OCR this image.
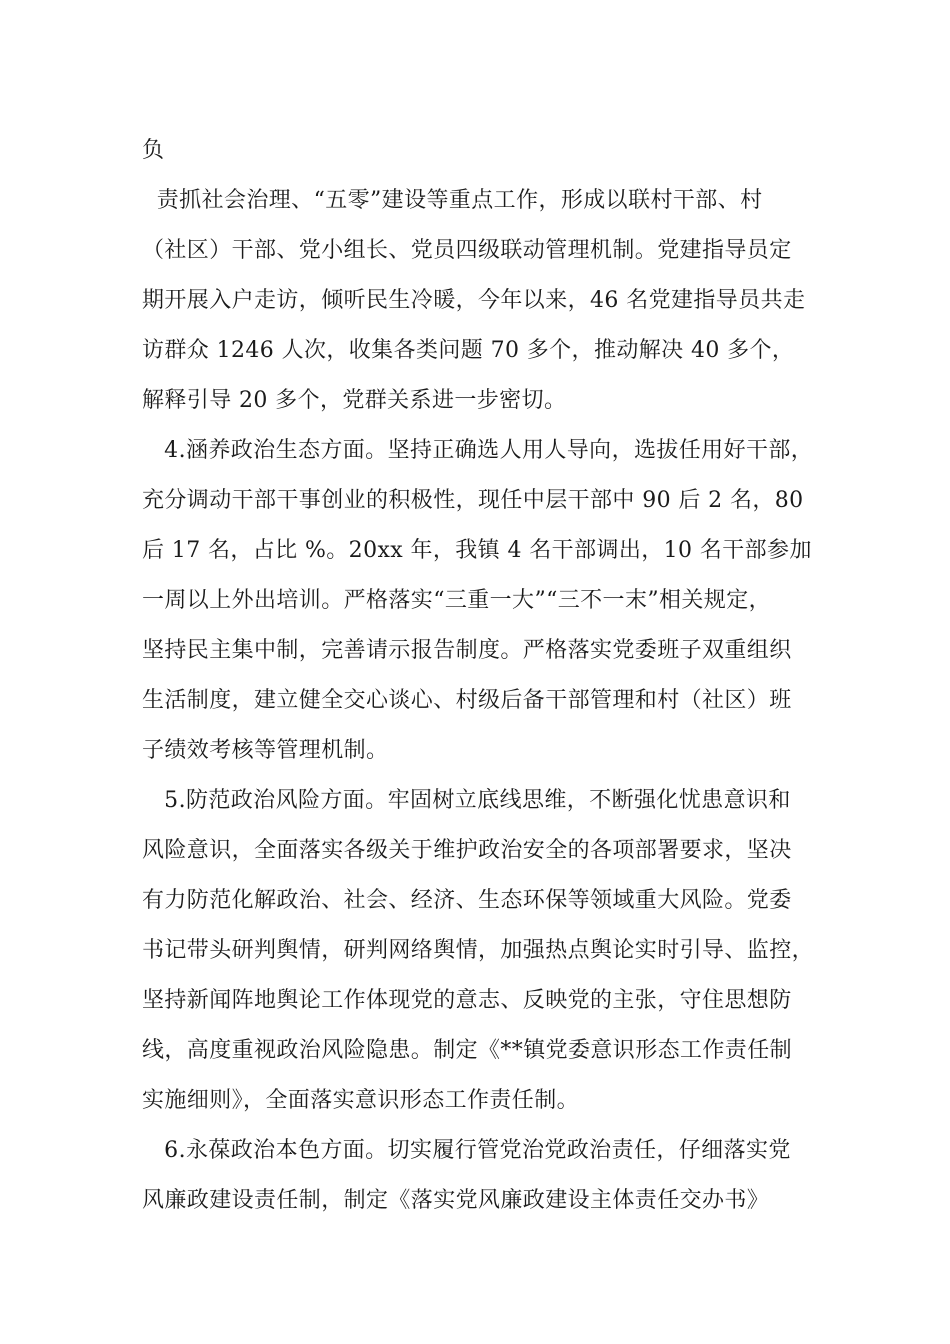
负
责抓社会治理、“五零”建设等重点工作，形成以联村干部、村
（社区）干部、党小组长、党员四级联动管理机制。党建指导员定
期开展入户走访，倾听民生冷暖，今年以来，46 名党建指导员共走
访群众 1246 人次，收集各类问题 70 多个，推动解决 40 多个，
解释引导 20 多个，党群关系进一步密切。
4.涵养政治生态方面。坚持正确选人用人导向，选拔任用好干部，
充分调动干部干事创业的积极性，现任中层干部中 90 后 2 名，80
后 17 名，占比 %。20xx 年，我镇 4 名干部调出，10 名干部参加
一周以上外出培训。严格落实“三重一大”“三不一末”相关规定，
坚持民主集中制，完善请示报告制度。严格落实党委班子双重组织
生活制度，建立健全交心谈心、村级后备干部管理和村（社区）班
子绩效考核等管理机制。
5.防范政治风险方面。牢固树立底线思维，不断强化忧患意识和
风险意识，全面落实各级关于维护政治安全的各项部署要求，坚决
有力防范化解政治、社会、经济、生态环保等领域重大风险。党委
书记带头研判舆情，研判网络舆情，加强热点舆论实时引导、监控，
坚持新闻阵地舆论工作体现党的意志、反映党的主张，守住思想防
线，高度重视政治风险隐患。制定《**镇党委意识形态工作责任制
实施细则》，全面落实意识形态工作责任制。
6.永葆政治本色方面。切实履行管党治党政治责任，仔细落实党
风廉政建设责任制，制定《落实党风廉政建设主体责任交办书》
